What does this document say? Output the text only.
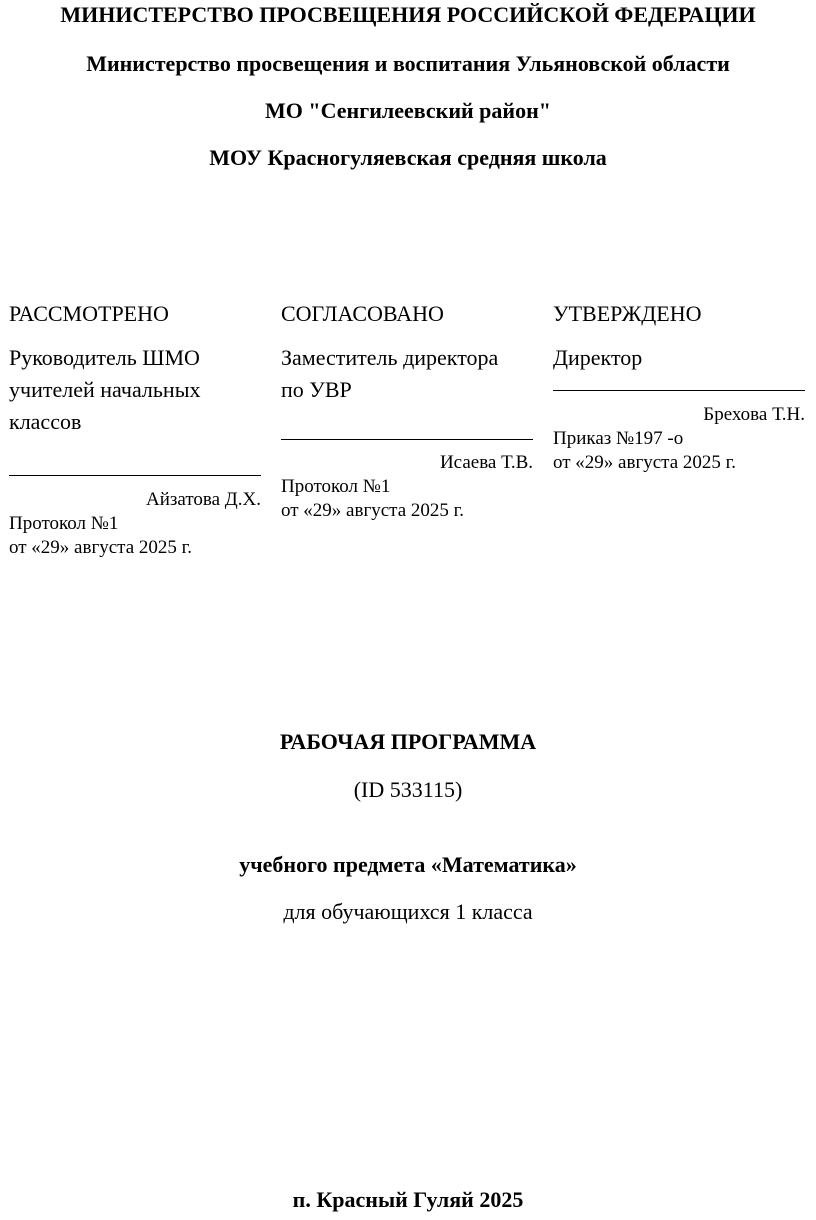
МИНИСТЕРСТВО ПРОСВЕЩЕНИЯ РОССИЙСКОЙ ФЕДЕРАЦИИ
Министерство просвещения и воспитания Ульяновской области
МО "Сенгилеевский район"
МОУ Красногуляевская средняя школа
РАССМОТРЕНО
Руководитель ШМО
учителей начальных
классов
Айзатова Д.Х.
Протокол №1
от «29» августа 2025 г.
СОГЛАСОВАНО
Заместитель директора
по УВР
Исаева Т.В.
Протокол №1
от «29» августа 2025 г.
УТВЕРЖДЕНО
Директор
Брехова Т.Н.
Приказ №197 -о
от «29» августа 2025 г.
РАБОЧАЯ ПРОГРАММА
(ID 533115)
учебного предмета «Математика»
для обучающихся 1 класса
п. Красный Гуляй 2025
